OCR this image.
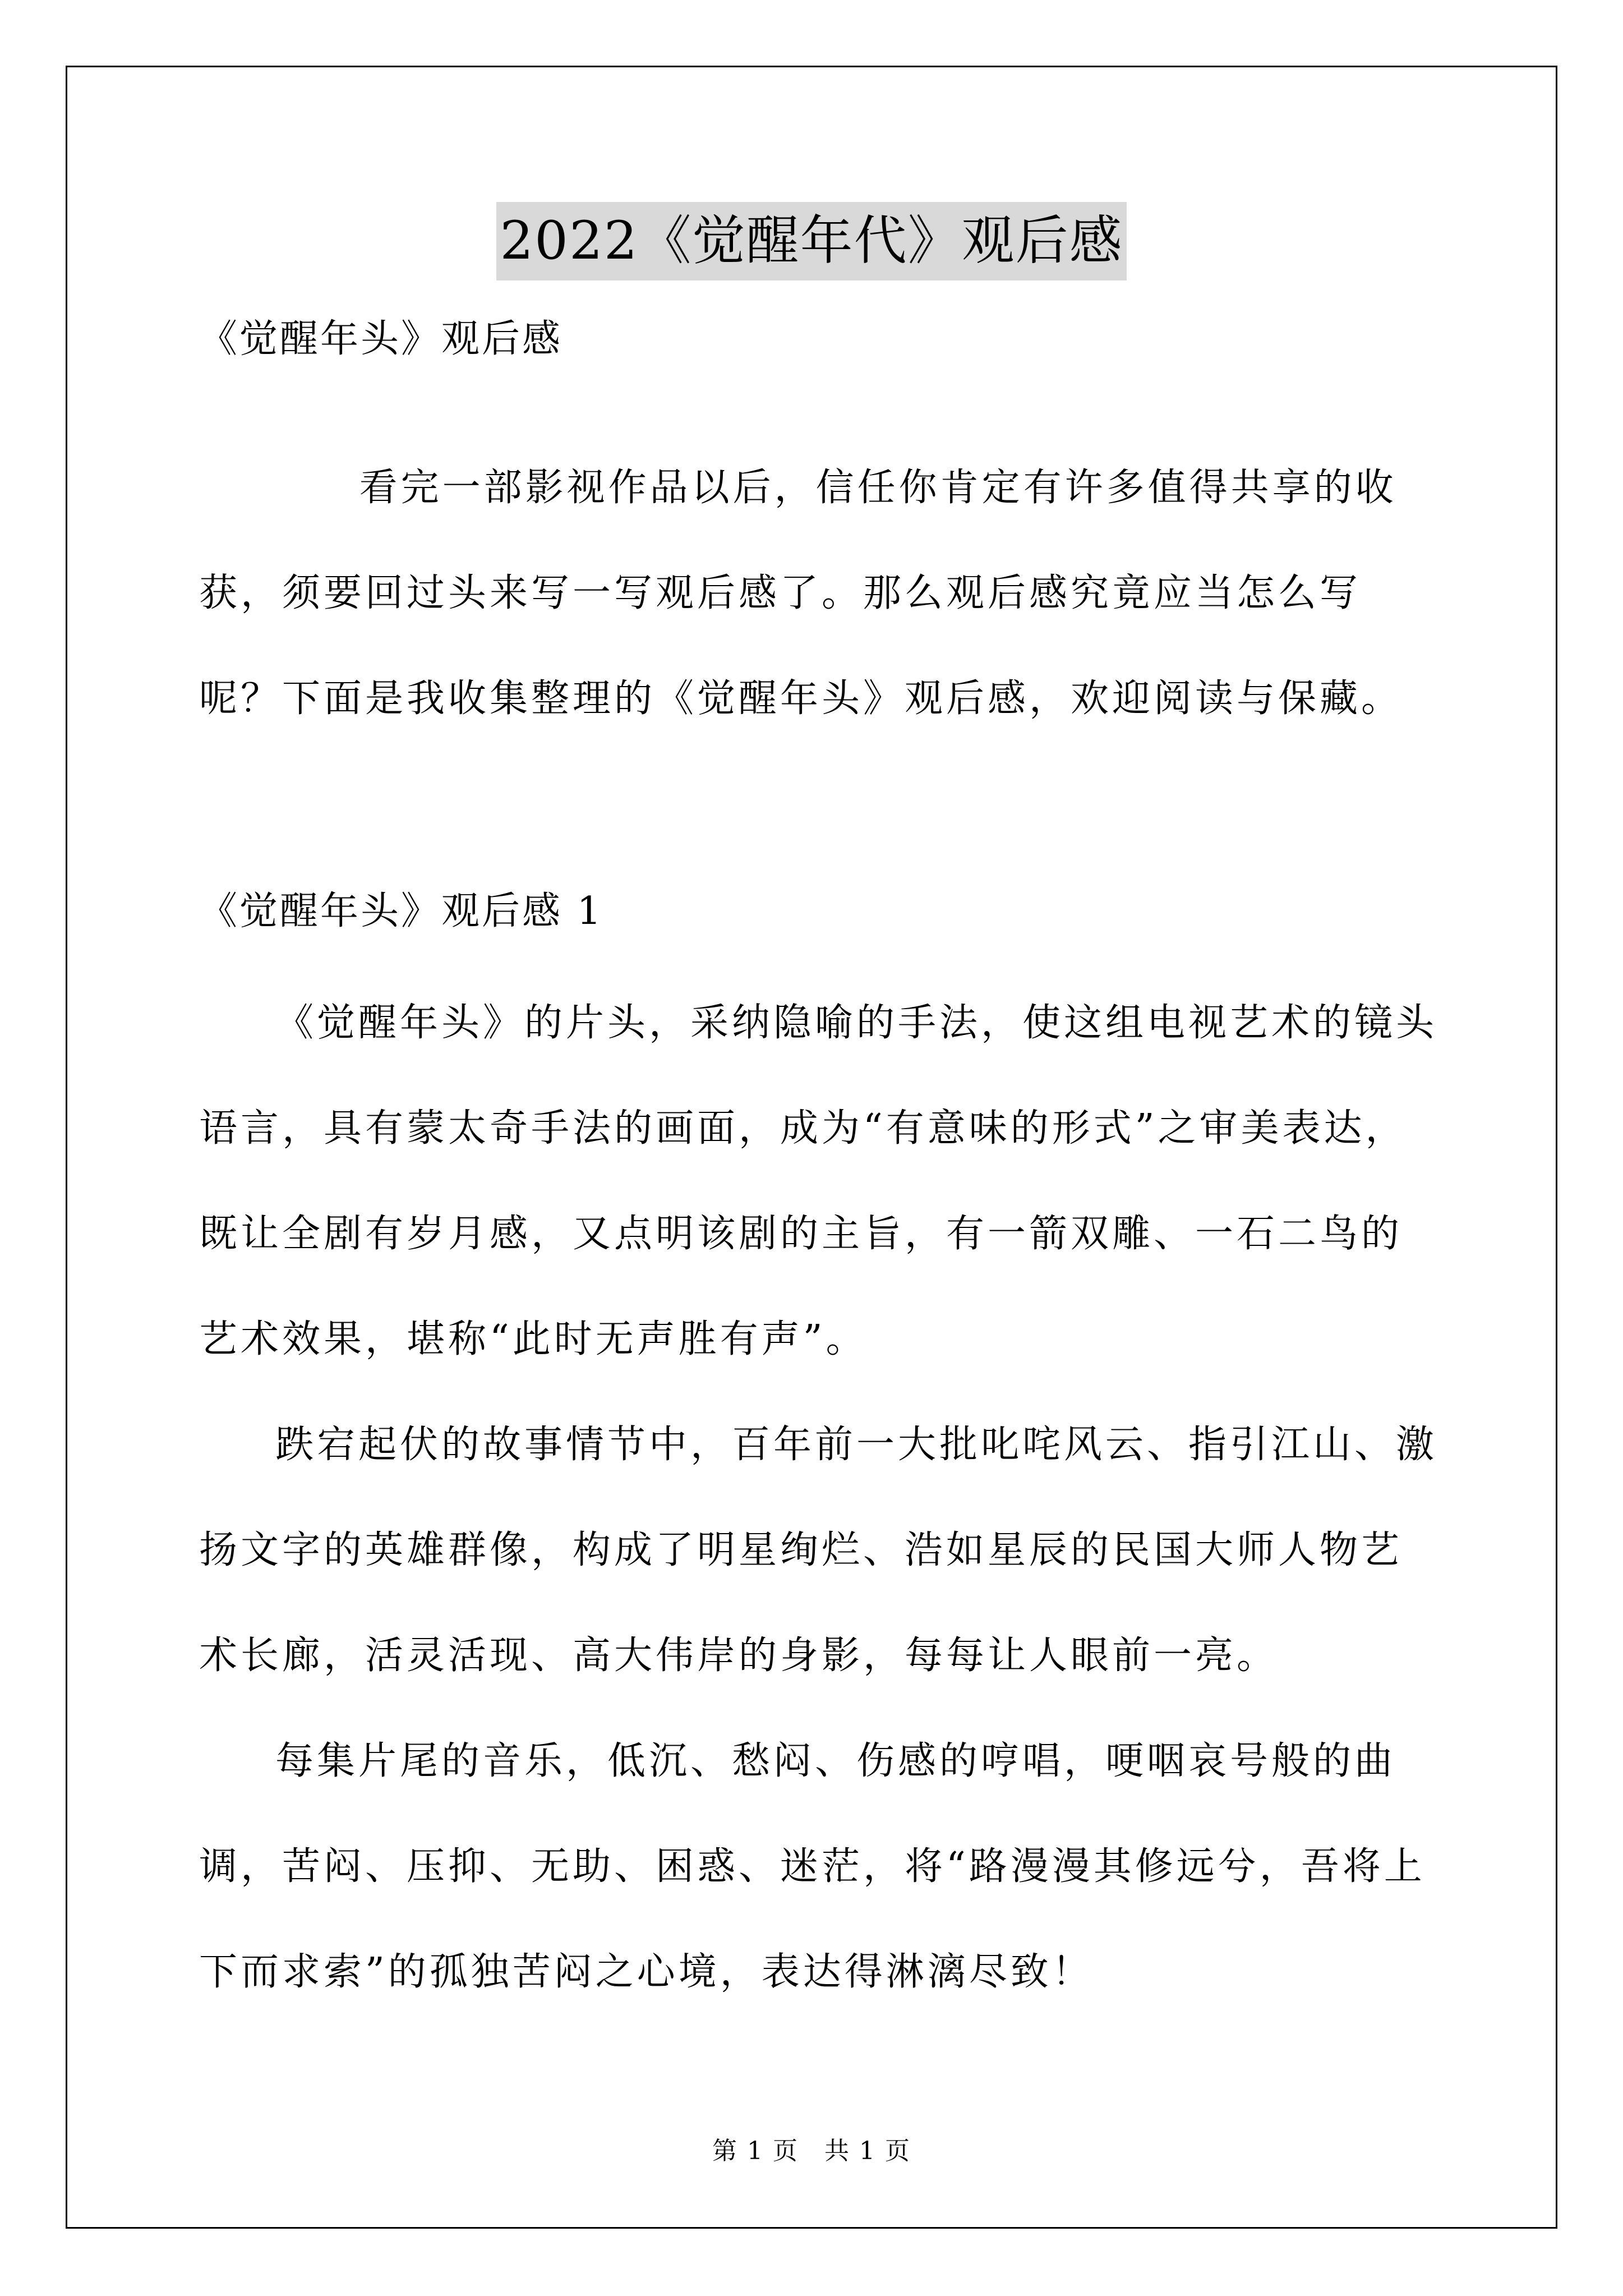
2022《觉醒年代》观后感
《觉醒年头》观后感

看完一部影视作品以后，信任你肯定有许多值得共享的收获，须要回过头来写一写观后感了。那么观后感究竟应当怎么写呢？下面是我收集整理的《觉醒年头》观后感，欢迎阅读与保藏。

《觉醒年头》观后感 1

《觉醒年头》的片头，采纳隐喻的手法，使这组电视艺术的镜头语言，具有蒙太奇手法的画面，成为“有意味的形式”之审美表达，既让全剧有岁月感，又点明该剧的主旨，有一箭双雕、一石二鸟的艺术效果，堪称“此时无声胜有声”。

跌宕起伏的故事情节中，百年前一大批叱咤风云、指引江山、激扬文字的英雄群像，构成了明星绚烂、浩如星辰的民国大师人物艺术长廊，活灵活现、高大伟岸的身影，每每让人眼前一亮。

每集片尾的音乐，低沉、愁闷、伤感的哼唱，哽咽哀号般的曲调，苦闷、压抑、无助、困惑、迷茫，将“路漫漫其修远兮，吾将上下而求索”的孤独苦闷之心境，表达得淋漓尽致！

第 1 页　共 1 页
